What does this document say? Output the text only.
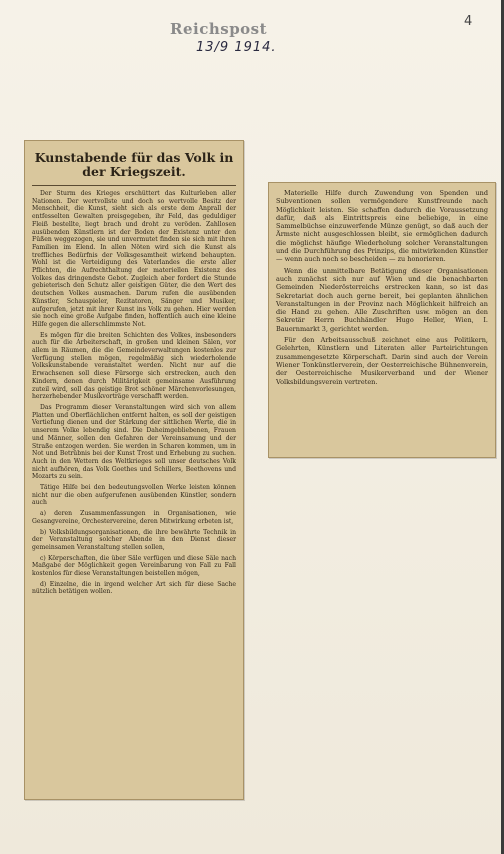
Reichspost
13/9 1914.
4
Kunstabende für das Volk in der Kriegszeit.

Der Sturm des Krieges erschüttert das Kulturleben aller Nationen. Der wertvollste und doch so wertvolle Besitz der Menschheit, die Kunst, sieht sich als erste dem Anprall der entfesselten Gewalten preisgegeben, ihr Feld, das geduldiger Fleiß bestellte, liegt brach und droht zu veröden. Zahllosen ausübenden Künstlern ist der Boden der Existenz unter den Füßen weggezogen, sie und unvermutet finden sie sich mit ihren Familien im Elend. In allen Nöten wird sich die Kunst als treffliches Bedürfnis der Volksgesamtheit wirkend behaupten. Wohl ist die Verteidigung des Vaterlandes die erste aller Pflichten, die Aufrechthaltung der materiellen Existenz des Volkes das dringendste Gebot. Zugleich aber fordert die Stunde gebieterisch den Schutz aller geistigen Güter, die den Wert des deutschen Volkes ausmachen. Darum rufen die ausübenden Künstler, Schauspieler, Rezitatoren, Sänger und Musiker, aufgerufen, jetzt mit ihrer Kunst ins Volk zu gehen. Hier werden sie noch eine große Aufgabe finden, hoffentlich auch eine kleine Hilfe gegen die allerschlimmste Not.

Es mögen für die breiten Schichten des Volkes, insbesonders auch für die Arbeiterschaft, in großen und kleinen Sälen, vor allem in Räumen, die die Gemeindeverwaltungen kostenlos zur Verfügung stellen mögen, regelmäßig sich wiederholende Volkskunstabende veranstaltet werden. Nicht nur auf die Erwachsenen soll diese Fürsorge sich erstrecken, auch den Kindern, denen durch Militärigkeit gemeinsame Ausführung zuteil wird, soll das geistige Brot schöner Märchenvorlesungen, herzerhebender Musikvorträge verschafft werden.

Das Programm dieser Veranstaltungen wird sich von allem Platten und Oberflächlichen entfernt halten, es soll der geistigen Vertiefung dienen und der Stärkung der sittlichen Werte, die in unserem Volke lebendig sind. Die Daheimgebliebenen, Frauen und Männer, sollen den Gefahren der Vereinsamung und der Straße entzogen werden. Sie werden in Scharen kommen, um in Not und Betrübnis bei der Kunst Trost und Erhebung zu suchen. Auch in den Wettern des Weltkrieges soll unser deutsches Volk nicht aufhören, das Volk Goethes und Schillers, Beethovens und Mozarts zu sein.

Tätige Hilfe bei den bedeutungsvollen Werke leisten können nicht nur die oben aufgerufenen ausübenden Künstler, sondern auch

a) deren Zusammenfassungen in Organisationen, wie Gesangvereine, Orchestervereine, deren Mitwirkung erbeten ist,

b) Volksbildungsorganisationen, die ihre bewährte Technik in der Veranstaltung solcher Abende in den Dienst dieser gemeinsamen Veranstaltung stellen sollen,

c) Körperschaften, die über Säle verfügen und diese Säle nach Maßgabe der Möglichkeit gegen Vereinbarung von Fall zu Fall kostenlos für diese Veranstaltungen beistellen mögen,

d) Einzelne, die in irgend welcher Art sich für diese Sache nützlich betätigen wollen.

Materielle Hilfe durch Zuwendung von Spenden und Subventionen sollen vermögendere Kunstfreunde nach Möglichkeit leisten. Sie schaffen dadurch die Voraussetzung dafür, daß als Eintrittspreis eine beliebige, in eine Sammelbüchse einzuwerfende Münze genügt, so daß auch der Ärmste nicht ausgeschlossen bleibt, sie ermöglichen dadurch die möglichst häufige Wiederholung solcher Veranstaltungen und die Durchführung des Prinzips, die mitwirkenden Künstler — wenn auch noch so bescheiden — zu honorieren.

Wenn die unmittelbare Betätigung dieser Organisationen auch zunächst sich nur auf Wien und die benachbarten Gemeinden Niederösterreichs erstrecken kann, so ist das Sekretariat doch auch gerne bereit, bei geplanten ähnlichen Veranstaltungen in der Provinz nach Möglichkeit hilfreich an die Hand zu gehen. Alle Zuschriften usw. mögen an den Sekretär Herrn Buchhändler Hugo Heller, Wien, I. Bauernmarkt 3, gerichtet werden.

Für den Arbeitsausschuß zeichnet eine aus Politikern, Gelehrten, Künstlern und Literaten aller Parteirichtungen zusammengesetzte Körperschaft. Darin sind auch der Verein Wiener Tonkünstlerverein, der Oesterreichische Bühnenverein, der Oesterreichische Musikerverband und der Wiener Volksbildungsverein vertreten.
